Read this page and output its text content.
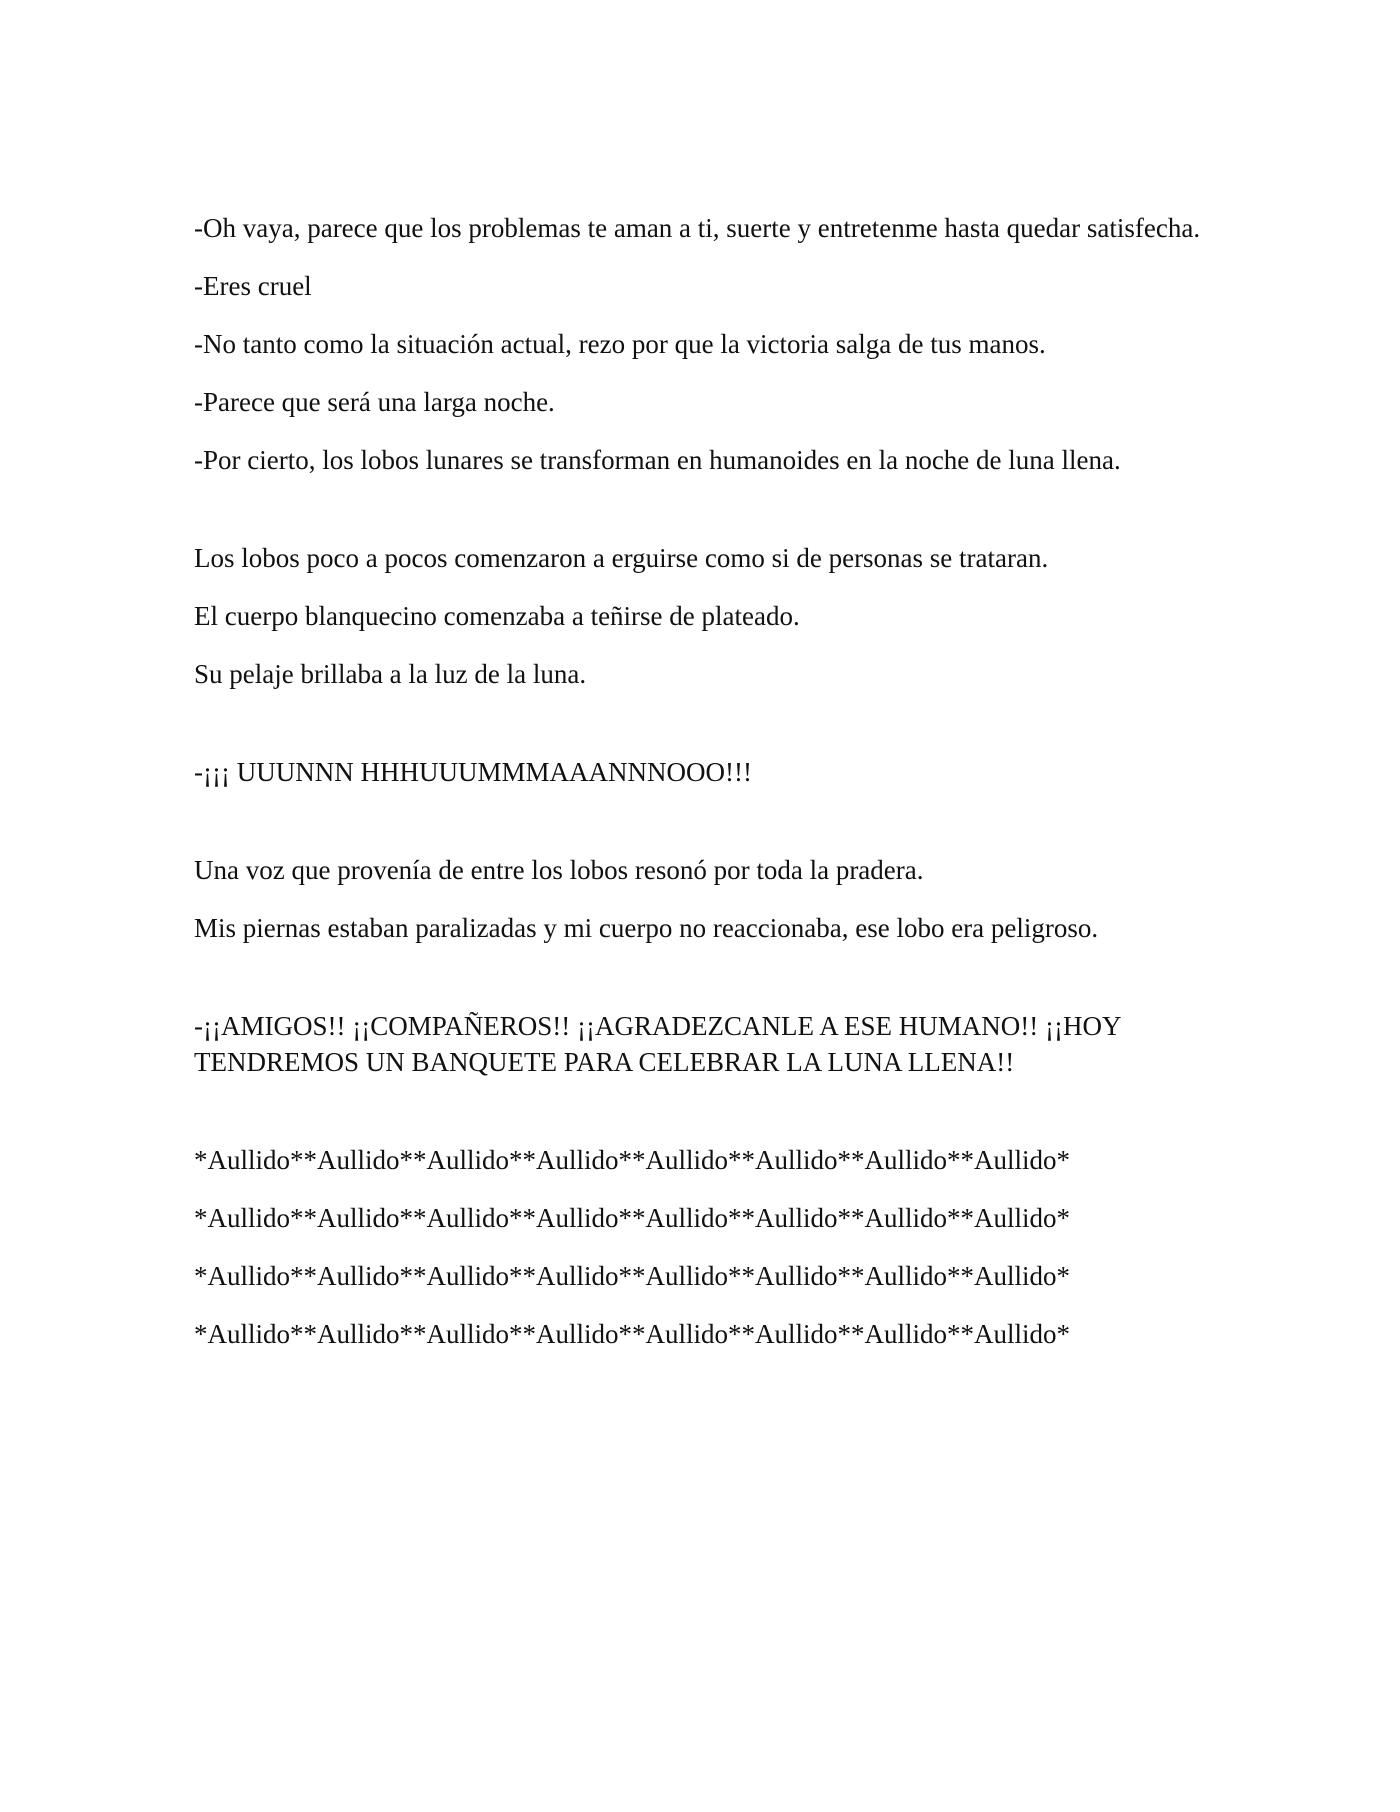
-Oh vaya, parece que los problemas te aman a ti, suerte y entretenme hasta quedar satisfecha.

-Eres cruel

-No tanto como la situación actual, rezo por que la victoria salga de tus manos.

-Parece que será una larga noche.

-Por cierto, los lobos lunares se transforman en humanoides en la noche de luna llena.

Los lobos poco a pocos comenzaron a erguirse como si de personas se trataran.

El cuerpo blanquecino comenzaba a teñirse de plateado.

Su pelaje brillaba a la luz de la luna.

-¡¡¡ UUUNNN HHHUUUMMMAAANNNOOO!!!

Una voz que provenía de entre los lobos resonó por toda la pradera.

Mis piernas estaban paralizadas y mi cuerpo no reaccionaba, ese lobo era peligroso.

-¡¡AMIGOS!! ¡¡COMPAÑEROS!! ¡¡AGRADEZCANLE A ESE HUMANO!! ¡¡HOY TENDREMOS UN BANQUETE PARA CELEBRAR LA LUNA LLENA!!

*Aullido**Aullido**Aullido**Aullido**Aullido**Aullido**Aullido**Aullido*

*Aullido**Aullido**Aullido**Aullido**Aullido**Aullido**Aullido**Aullido*

*Aullido**Aullido**Aullido**Aullido**Aullido**Aullido**Aullido**Aullido*

*Aullido**Aullido**Aullido**Aullido**Aullido**Aullido**Aullido**Aullido*
